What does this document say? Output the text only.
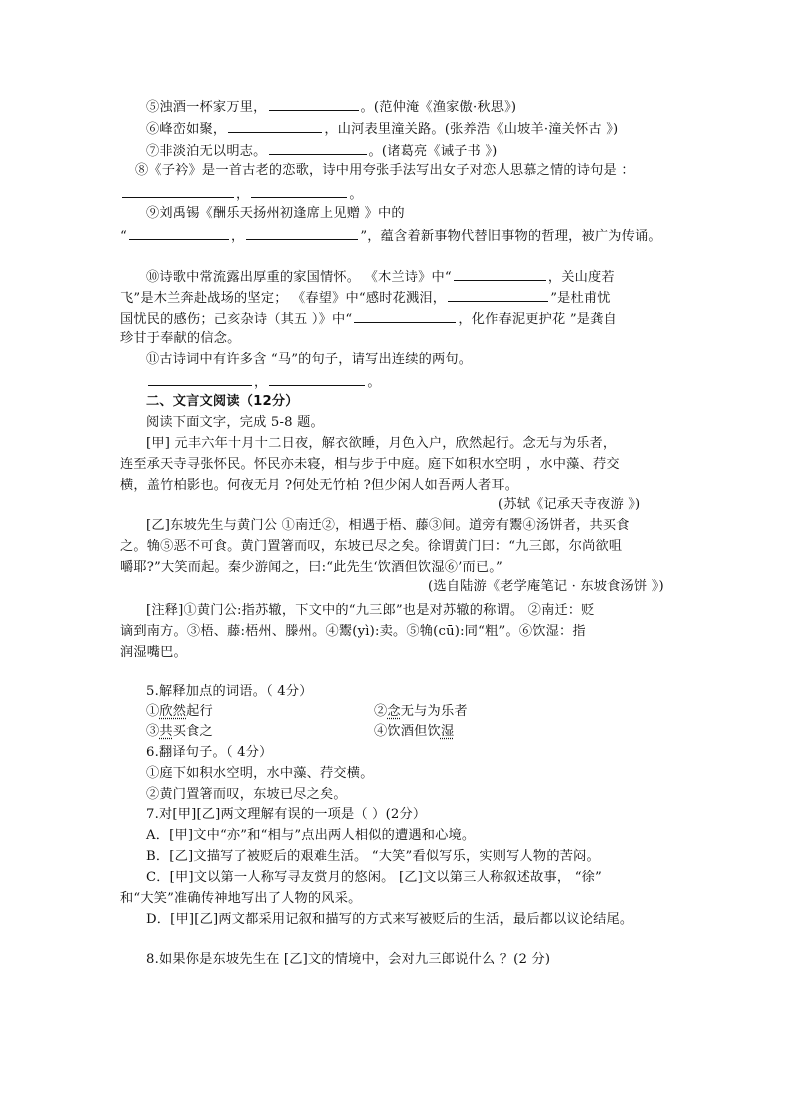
⑤浊酒一杯家万里，	。(范仲淹《渔家傲·秋思》)
⑥峰峦如聚，	，山河表里潼关路。(张养浩《山坡羊·潼关怀古 》)
⑦非淡泊无以明志。	。(诸葛亮《诫子书 》)
⑧《子衿》是一首古老的恋歌，诗中用夸张手法写出女子对恋人思慕之情的诗句是 ：
，	。
⑨刘禹锡《酬乐天扬州初逢席上见赠 》中的
“	，	”，蕴含着新事物代替旧事物的哲理，被广为传诵。
⑩诗歌中常流露出厚重的家国情怀。 《木兰诗》中“	，关山度若
飞”是木兰奔赴战场的坚定； 《春望》中“感时花溅泪，	”是杜甫忧
国忧民的感伤；己亥杂诗（其五 ）》中“	，化作春泥更护花 ”是龚自
珍甘于奉献的信念。
⑪古诗词中有许多含 “马”的句子，请写出连续的两句。
，	。
二、文言文阅读（12分）
阅读下面文字，完成 5-8 题。
[甲] 元丰六年十月十二日夜，解衣欲睡，月色入户，欣然起行。念无与为乐者，
连至承天寺寻张怀民。怀民亦未寝，相与步于中庭。庭下如积水空明 ，水中藻、荇交
横，盖竹柏影也。何夜无月 ?何处无竹柏 ?但少闲人如吾两人者耳。
(苏轼《记承天寺夜游 》)
[乙]东坡先生与黄门公 ①南迁②，相遇于梧、藤③间。道旁有鬻④汤饼者，共买食
之。觕⑤恶不可食。黄门置箸而叹，东坡已尽之矣。徐谓黄门曰：“九三郎，尔尚欲咀
嚼耶?”大笑而起。秦少游闻之，曰:“此先生‘饮酒但饮湿⑥’而已。”
(选自陆游《老学庵笔记 · 东坡食汤饼 》)
[注释]①黄门公:指苏辙，下文中的“九三郎”也是对苏辙的称谓。 ②南迁：贬
谪到南方。③梧、藤:梧州、滕州。④鬻(yì):卖。⑤觕(cū):同“粗”。⑥饮湿：指
润湿嘴巴。
5.解释加点的词语。（ 4分）
①欣然起行	②念无与为乐者
③共买食之	④饮酒但饮湿
6.翻译句子。（ 4分）
①庭下如积水空明，水中藻、荇交横。
②黄门置箸而叹，东坡已尽之矣。
7.对[甲][乙]两文理解有误的一项是（ ）(2分）
A．[甲]文中“亦”和“相与”点出两人相似的遭遇和心境。
B．[乙]文描写了被贬后的艰难生活。 “大笑”看似写乐，实则写人物的苦闷。
C．[甲]文以第一人称写寻友赏月的悠闲。 [乙]文以第三人称叙述故事， “徐”
和“大笑”准确传神地写出了人物的风采。
D．[甲][乙]两文都采用记叙和描写的方式来写被贬后的生活，最后都以议论结尾。
8.如果你是东坡先生在 [乙]文的情境中，会对九三郎说什么 ？(2 分)
